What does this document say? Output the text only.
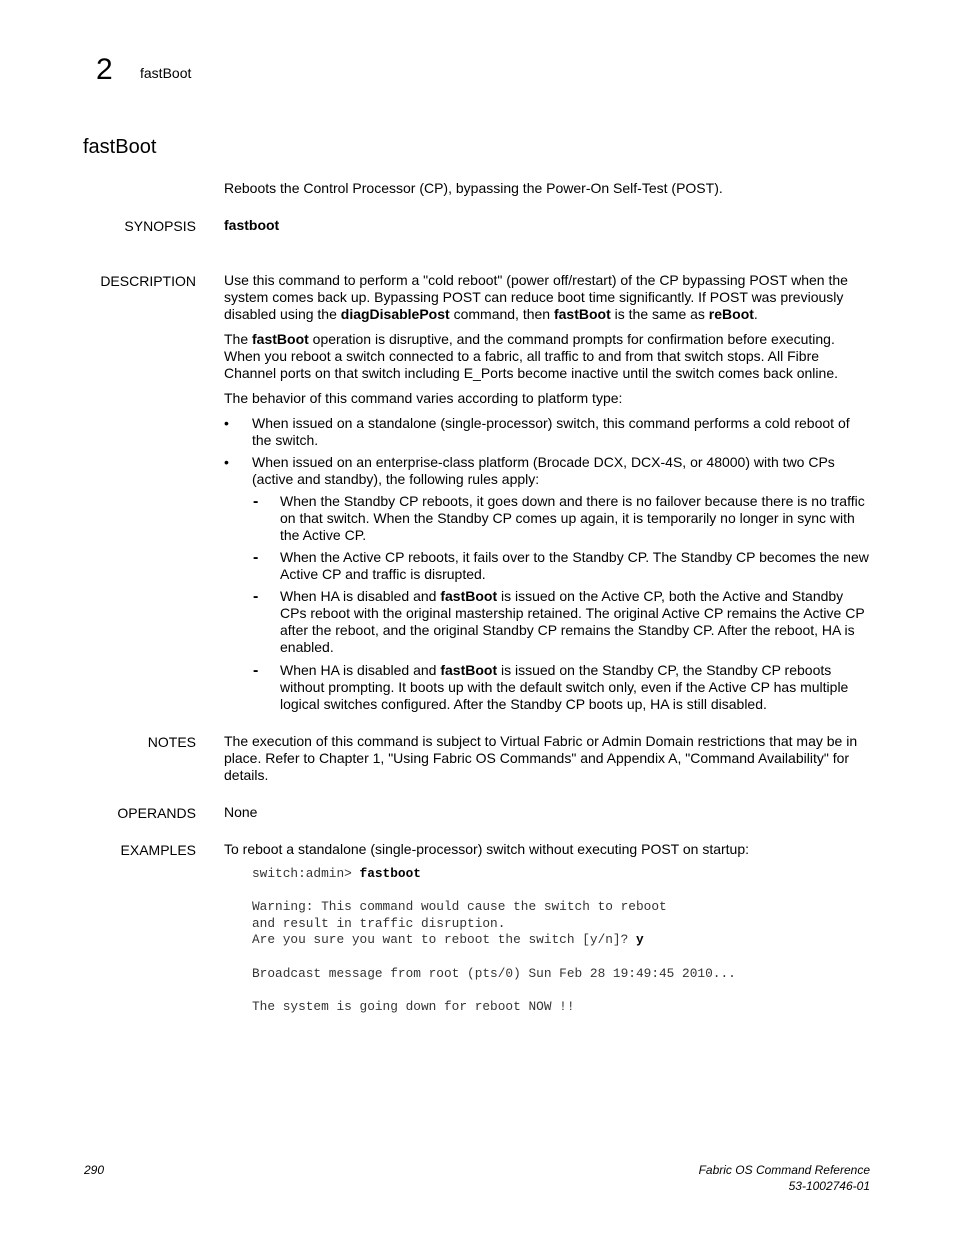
2 fastBoot
fastBoot
Reboots the Control Processor (CP), bypassing the Power-On Self-Test (POST).
SYNOPSIS fastboot
DESCRIPTION Use this command to perform a "cold reboot" (power off/restart) of the CP bypassing POST when the system comes back up. Bypassing POST can reduce boot time significantly. If POST was previously disabled using the diagDisablePost command, then fastBoot is the same as reBoot.

The fastBoot operation is disruptive, and the command prompts for confirmation before executing. When you reboot a switch connected to a fabric, all traffic to and from that switch stops. All Fibre Channel ports on that switch including E_Ports become inactive until the switch comes back online.

The behavior of this command varies according to platform type:
• When issued on a standalone (single-processor) switch, this command performs a cold reboot of the switch.
• When issued on an enterprise-class platform (Brocade DCX, DCX-4S, or 48000) with two CPs (active and standby), the following rules apply:
- When the Standby CP reboots, it goes down and there is no failover because there is no traffic on that switch. When the Standby CP comes up again, it is temporarily no longer in sync with the Active CP.
- When the Active CP reboots, it fails over to the Standby CP. The Standby CP becomes the new Active CP and traffic is disrupted.
- When HA is disabled and fastBoot is issued on the Active CP, both the Active and Standby CPs reboot with the original mastership retained. The original Active CP remains the Active CP after the reboot, and the original Standby CP remains the Standby CP. After the reboot, HA is enabled.
- When HA is disabled and fastBoot is issued on the Standby CP, the Standby CP reboots without prompting. It boots up with the default switch only, even if the Active CP has multiple logical switches configured. After the Standby CP boots up, HA is still disabled.
NOTES The execution of this command is subject to Virtual Fabric or Admin Domain restrictions that may be in place. Refer to Chapter 1, "Using Fabric OS Commands" and Appendix A, "Command Availability" for details.
OPERANDS None
EXAMPLES To reboot a standalone (single-processor) switch without executing POST on startup:
switch:admin> fastboot

Warning: This command would cause the switch to reboot
and result in traffic disruption.
Are you sure you want to reboot the switch [y/n]? y

Broadcast message from root (pts/0) Sun Feb 28 19:49:45 2010...

The system is going down for reboot NOW !!
290	Fabric OS Command Reference
53-1002746-01
